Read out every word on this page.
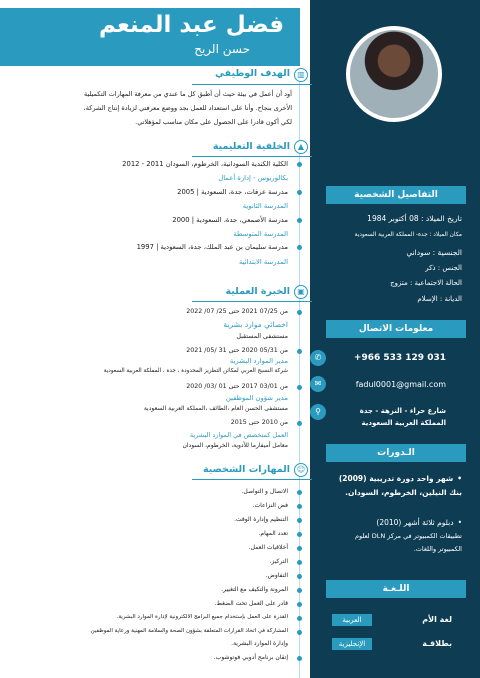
التفاصيل الشخصية
تاريخ الميلاد : 08 أكتوبر 1984
مكان الميلاد : جدة- المملكة العربية السعودية
الجنسية : سوداني
الجنس : ذكر
الحالة الاجتماعية : متزوج
الديانة : الإسلام
معلومات الاتصال
✆	+966 533 129 031
✉	fadul0001@gmail.com
⚲	شارع حراء - النزهة - جدة
المملكة العربية السعودية
الـدورات
• شهر واحد دورة تدريبية (2009)
بنك النيلين، الخرطوم، السودان.
• دبلوم ثلاثة أشهر (2010)
تطبيقات الكمبيوتر في مركز DLN لعلوم
الكمبيوتر واللغات.
اللـغـة
العربية	لغة الأم
الإنجليزية	بطلاقـة
فضل عبد المنعم
حسن الريح
▥
الهدف الوظيفي
أود أن أعمل في بيئة حيث أن أطبق كل ما عندي من معرفة المهارات التكميلية
الأخرى بنجاح. وأنا على استعداد للعمل بجد ووضع معرفتي لزيادة إنتاج الشركة،
لكي أكون قادرا على الحصول على مكان مناسب لمؤهلاتي.
▲
الخلفية التعليمية
الكلية الكندية السودانية، الخرطوم، السودان 2011 - 2012
بكالوريوس - إدارة أعمال
مدرسة عرفات، جدة، السعودية | 2005
المدرسة الثانوية
مدرسة الأصمعي، جدة، السعودية | 2000
المدرسة المتوسطة
مدرسة سليمان بن عبد الملك، جدة، السعودية | 1997
المدرسة الابتدائية
▣
الخبرة العملية
من 07/25 2021 حتى 25/ 07/ 2022
اخصائي موارد بشرية
مستشفى المستقبل
من 05/31 2020 حتى 31 /05/ 2021
مدير الموارد البشرية
شركة النسيج العربي لمكائن التطريز المحدودة ، جدة ، المملكة العربية السعودية
من 03/01 2017 حتى 01 /03/ 2020
مدير شؤون الموظفين
مستشفى الحسن العام ،الطائف ،المملكة العربية السعودية
من 2010 حتى 2015
العمل كمتخصص في الموارد البشرية
معامل أميفارما للأدوية، الخرطوم، السودان
☺
المهارات الشخصية
الاتصال و التواصل.
فض النزاعات.
التنظيم وإدارة الوقت.
تعدد المهام.
أخلاقيات العمل.
التركيز.
التفاوض.
المرونة والتكيف مع التغيير.
قادر على العمل تحت الضغط.
القدرة على العمل بإستخدام جميع البرامج الالكترونية لإدارة الموارد البشرية.
المشاركة في اتخاذ القرارات المتعلقة بشؤون الصحة والسلامة المهنية ورعاية الموظفين
وإدارة الموارد البشرية.
إتقان برنامج أدوبي فوتوشوب.
